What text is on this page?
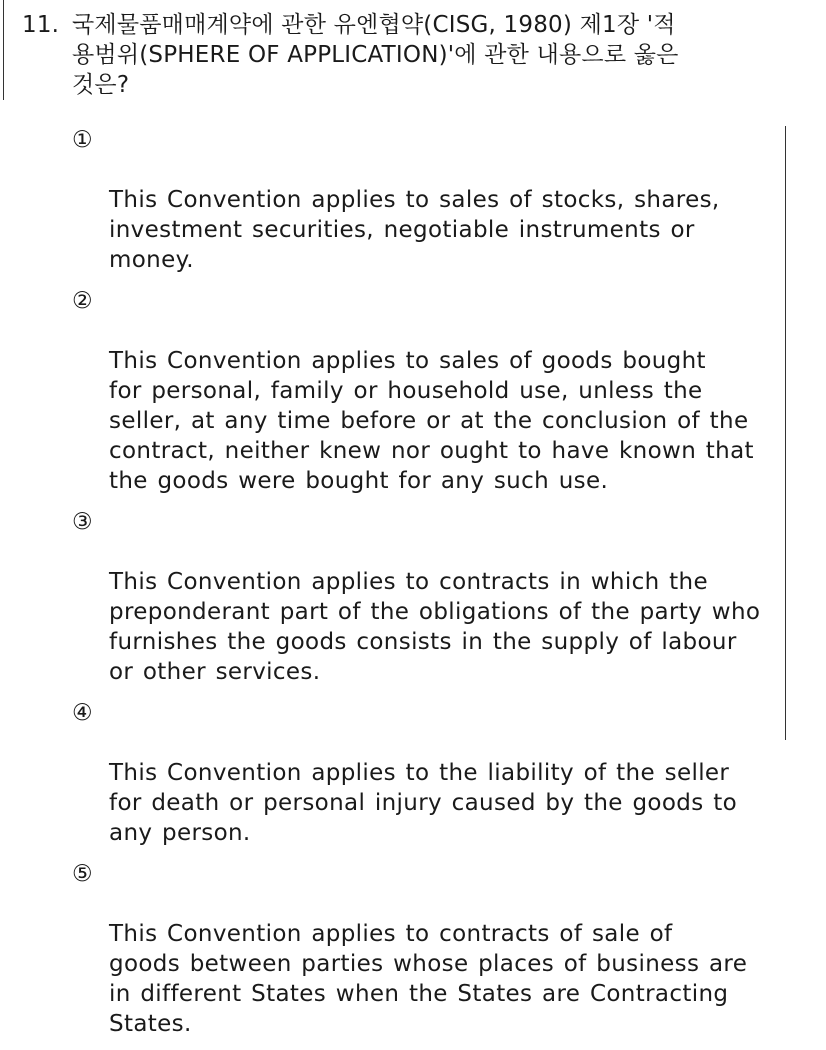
11. 국제물품매매계약에 관한 유엔협약(CISG, 1980) 제1장 '적
용범위(SPHERE OF APPLICATION)'에 관한 내용으로 옳은
것은?

①

This Convention applies to sales of stocks, shares,
investment securities, negotiable instruments or
money.

②

This Convention applies to sales of goods bought
for personal, family or household use, unless the
seller, at any time before or at the conclusion of the
contract, neither knew nor ought to have known that
the goods were bought for any such use.

③

This Convention applies to contracts in which the
preponderant part of the obligations of the party who
furnishes the goods consists in the supply of labour
or other services.

④

This Convention applies to the liability of the seller
for death or personal injury caused by the goods to
any person.

⑤

This Convention applies to contracts of sale of
goods between parties whose places of business are
in different States when the States are Contracting
States.
